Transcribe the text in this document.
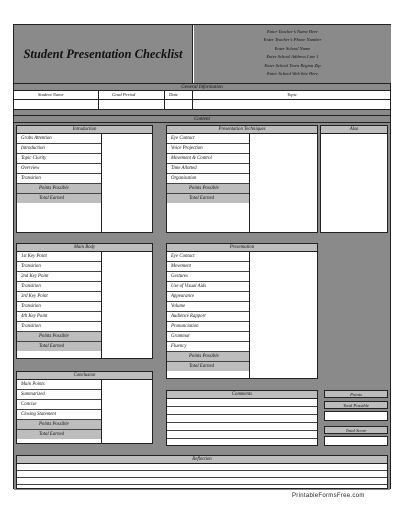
Student Presentation Checklist
Enter Teacher’s Name Here
Enter Teacher’s Phone Number
Enter School Name
Enter School Address Line 1
Enter School Town Region Zip
Enter School Web Site Here
General Information
Student Name	Grad Period	Date	Topic
Content
Introduction
Grabs Attention
Introduction
Topic Clarity
Overview
Transition
Points Possible
Total Earned
Presentation Techniques
Eye Contact
Voice Projection
Movement & Control
Time Allotted
Organization
Points Possible
Total Earned
Also
Main Body
1st Key Point
Transition
2nd Key Point
Transition
3rd Key Point
Transition
4th Key Point
Transition
Points Possible
Total Earned
Presentation
Eye Contact
Movement
Gestures
Use of Visual Aids
Appearance
Volume
Audience Rapport
Pronunciation
Grammar
Fluency
Points Possible
Total Earned
Conclusion
Main Points
Summarized
Concise
Closing Statement
Points Possible
Total Earned
Comments	Points
Total Possible
Total Score
Reflection
PrintableFormsFree.com
